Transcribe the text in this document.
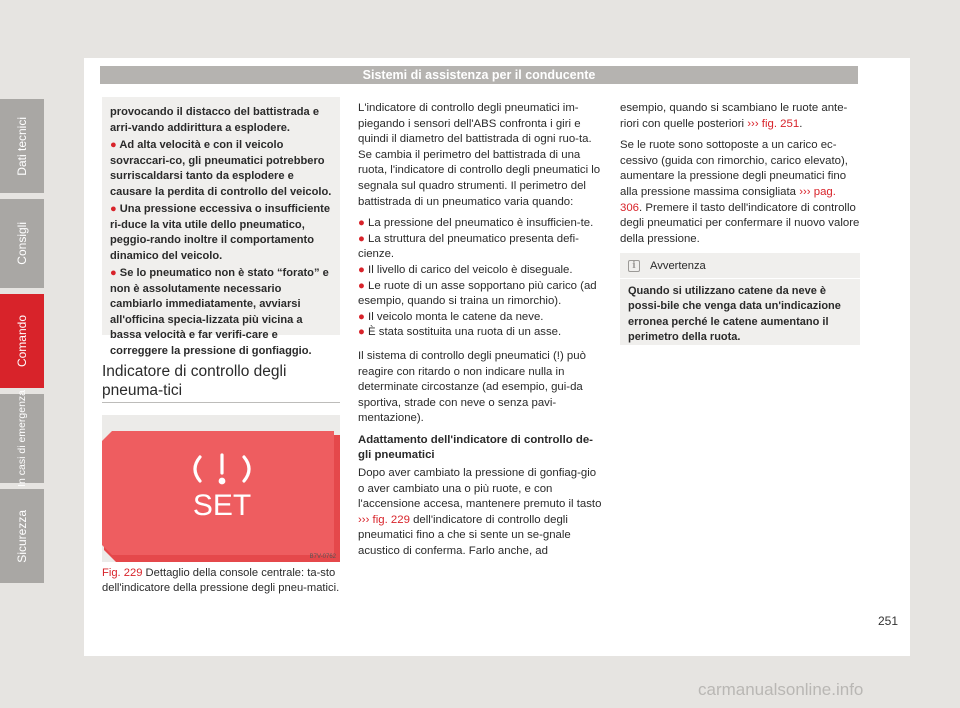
Sistemi di assistenza per il conducente
provocando il distacco del battistrada e arri-vando addirittura a esplodere.
● Ad alta velocità e con il veicolo sovraccari-co, gli pneumatici potrebbero surriscaldarsi tanto da esplodere e causare la perdita di controllo del veicolo.
● Una pressione eccessiva o insufficiente ri-duce la vita utile dello pneumatico, peggio-rando inoltre il comportamento dinamico del veicolo.
● Se lo pneumatico non è stato “forato” e non è assolutamente necessario cambiarlo immediatamente, avviarsi all'officina specia-lizzata più vicina a bassa velocità e far verifi-care e correggere la pressione di gonfiaggio.
Indicatore di controllo degli pneuma-tici
SET
B7V-0762
Fig. 229 Dettaglio della console centrale: ta-sto dell'indicatore della pressione degli pneu-matici.

L'indicatore di controllo degli pneumatici im-piegando i sensori dell'ABS confronta i giri e quindi il diametro del battistrada di ogni ruo-ta. Se cambia il perimetro del battistrada di una ruota, l'indicatore di controllo degli pneumatici lo segnala sul quadro strumenti. Il perimetro del battistrada di un pneumatico varia quando:

● La pressione del pneumatico è insufficien-te.
● La struttura del pneumatico presenta defi-cienze.
● Il livello di carico del veicolo è diseguale.
● Le ruote di un asse sopportano più carico (ad esempio, quando si traina un rimorchio).
● Il veicolo monta le catene da neve.
● È stata sostituita una ruota di un asse.

Il sistema di controllo degli pneumatici (!) può reagire con ritardo o non indicare nulla in determinate circostanze (ad esempio, gui-da sportiva, strade con neve o senza pavi-mentazione).

Adattamento dell'indicatore di controllo de-gli pneumatici

Dopo aver cambiato la pressione di gonfiag-gio o aver cambiato una o più ruote, e con l'accensione accesa, mantenere premuto il tasto ››› fig. 229 dell'indicatore di controllo degli pneumatici fino a che si sente un se-gnale acustico di conferma. Farlo anche, ad

esempio, quando si scambiano le ruote ante-riori con quelle posteriori ››› fig. 251.

Se le ruote sono sottoposte a un carico ec-cessivo (guida con rimorchio, carico elevato), aumentare la pressione degli pneumatici fino alla pressione massima consigliata ››› pag. 306. Premere il tasto dell'indicatore di controllo degli pneumatici per confermare il nuovo valore della pressione.

i	Avvertenza
Quando si utilizzano catene da neve è possi-bile che venga data un'indicazione erronea perché le catene aumentano il perimetro della ruota.
Dati tecnici
Consigli
Comando
In casi di emergenza
Sicurezza
251
carmanualsonline.info
